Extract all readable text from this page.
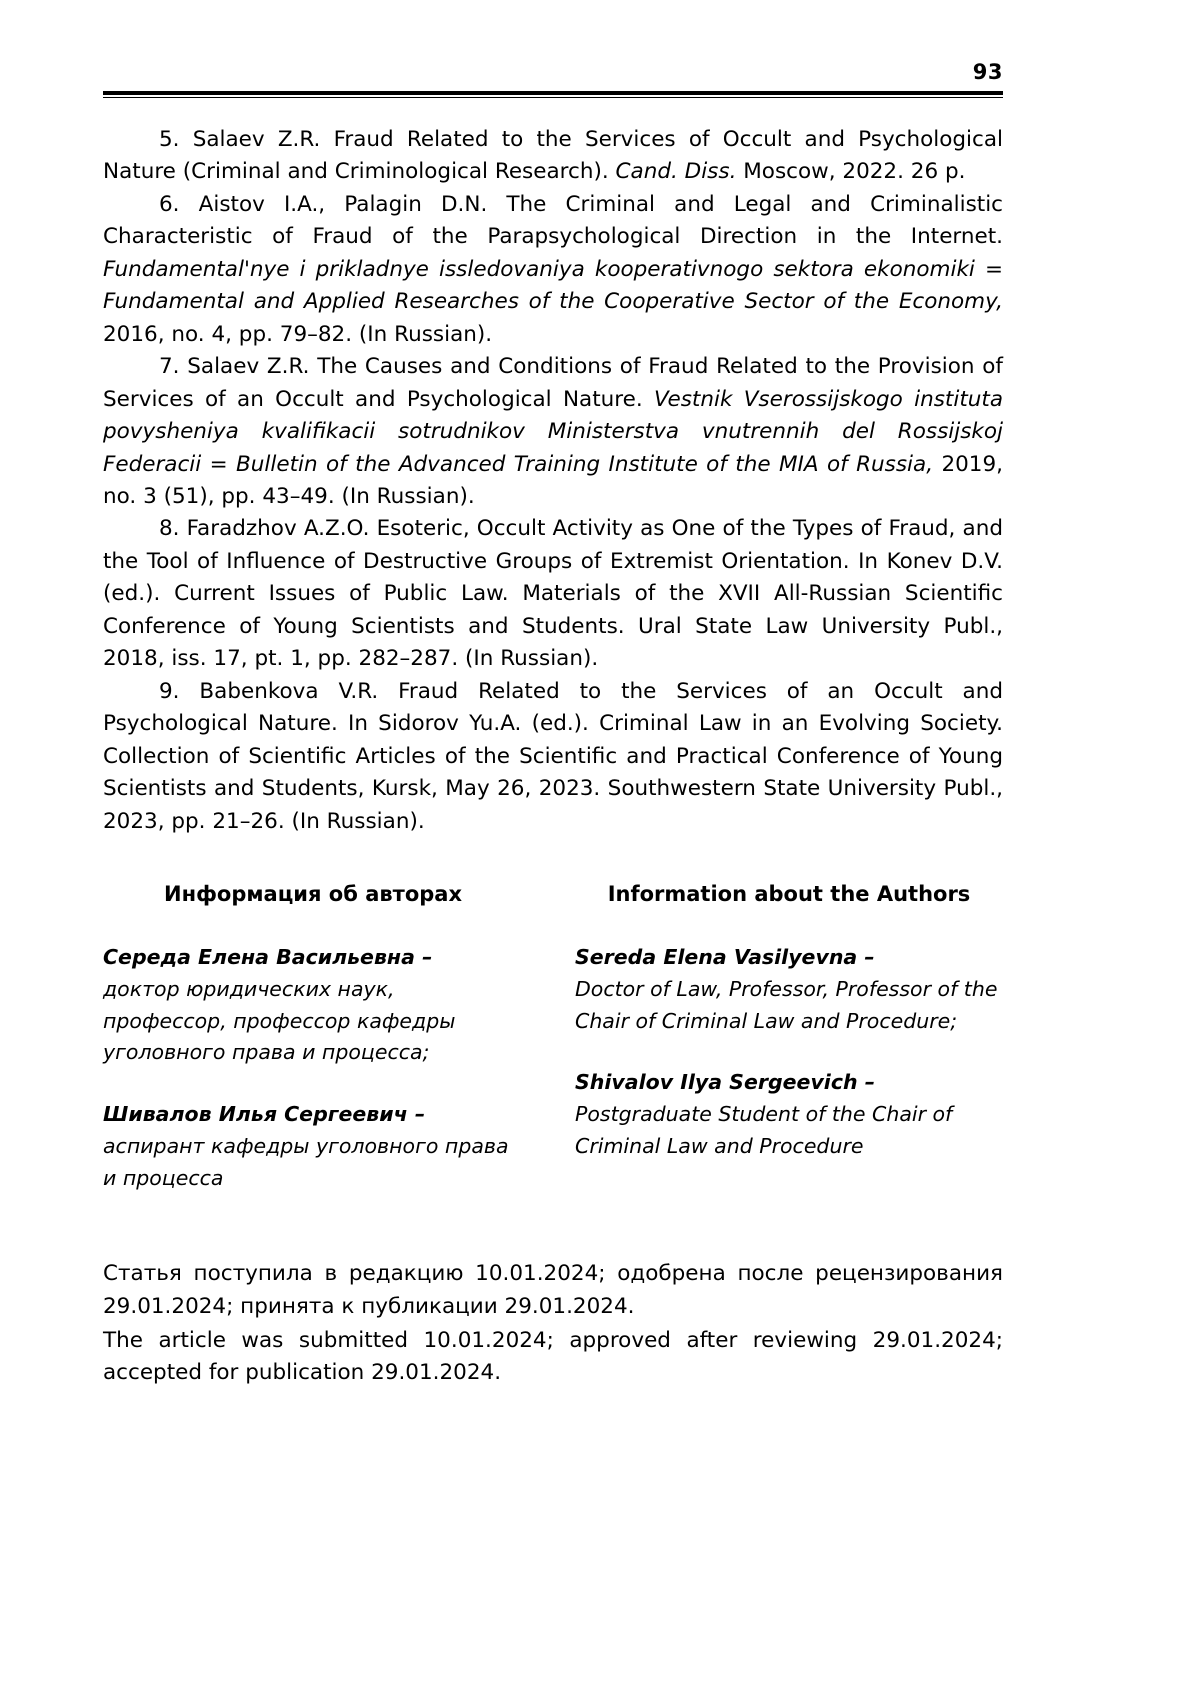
93

5. Salaev Z.R. Fraud Related to the Services of Occult and Psychological Nature (Criminal and Criminological Research). Cand. Diss. Moscow, 2022. 26 p.

6. Aistov I.A., Palagin D.N. The Criminal and Legal and Criminalistic Characteristic of Fraud of the Parapsychological Direction in the Internet. Fundamental'nye i prikladnye issledovaniya kooperativnogo sektora ekonomiki = Fundamental and Applied Researches of the Cooperative Sector of the Economy, 2016, no. 4, pp. 79–82. (In Russian).

7. Salaev Z.R. The Causes and Conditions of Fraud Related to the Provision of Services of an Occult and Psychological Nature. Vestnik Vserossijskogo instituta povysheniya kvalifikacii sotrudnikov Ministerstva vnutrennih del Rossijskoj Federacii = Bulletin of the Advanced Training Institute of the MIA of Russia, 2019, no. 3 (51), pp. 43–49. (In Russian).

8. Faradzhov A.Z.O. Esoteric, Occult Activity as One of the Types of Fraud, and the Tool of Influence of Destructive Groups of Extremist Orientation. In Konev D.V. (ed.). Current Issues of Public Law. Materials of the XVII All-Russian Scientific Conference of Young Scientists and Students. Ural State Law University Publ., 2018, iss. 17, pt. 1, pp. 282–287. (In Russian).

9. Babenkova V.R. Fraud Related to the Services of an Occult and Psychological Nature. In Sidorov Yu.A. (ed.). Criminal Law in an Evolving Society. Collection of Scientific Articles of the Scientific and Practical Conference of Young Scientists and Students, Kursk, May 26, 2023. Southwestern State University Publ., 2023, pp. 21–26. (In Russian).

Информация об авторах
Середа Елена Васильевна –
доктор юридических наук, профессор, профессор кафедры уголовного права и процесса;
Шивалов Илья Сергеевич –
аспирант кафедры уголовного права и процесса
Information about the Authors
Sereda Elena Vasilyevna –
Doctor of Law, Professor, Professor of the Chair of Criminal Law and Procedure;
Shivalov Ilya Sergeevich –
Postgraduate Student of the Chair of Criminal Law and Procedure

Статья поступила в редакцию 10.01.2024; одобрена после рецензирования 29.01.2024; принята к публикации 29.01.2024.

The article was submitted 10.01.2024; approved after reviewing 29.01.2024; accepted for publication 29.01.2024.
